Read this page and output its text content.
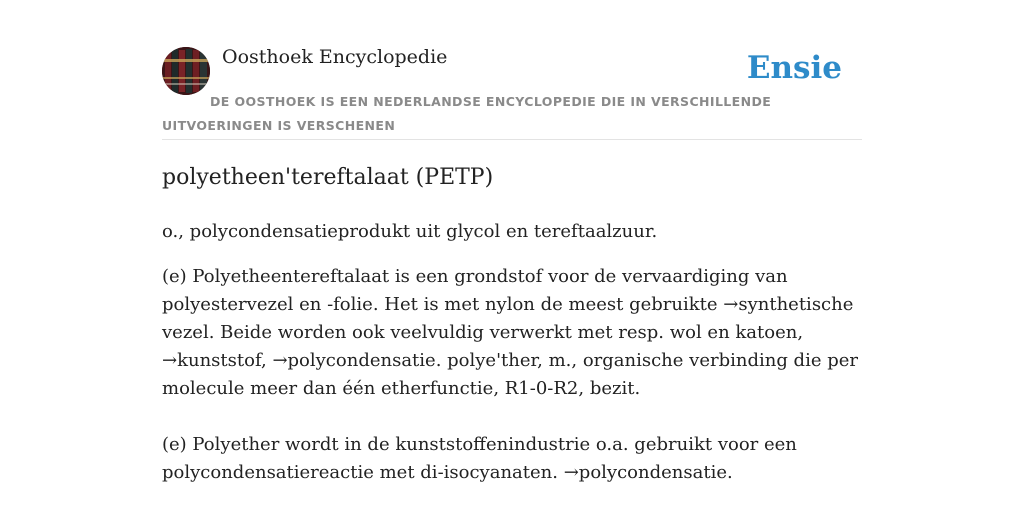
Oosthoek Encyclopedie	Ensie
DE OOSTHOEK IS EEN NEDERLANDSE ENCYCLOPEDIE DIE IN VERSCHILLENDE UITVOERINGEN IS VERSCHENEN
polyetheen'tereftalaat (PETP)

o., polycondensatieprodukt uit glycol en tereftaalzuur.

(e) Polyetheentereftalaat is een grondstof voor de vervaardiging van polyestervezel en -folie. Het is met nylon de meest gebruikte →synthetische vezel. Beide worden ook veelvuldig verwerkt met resp. wol en katoen, →kunststof, →polycondensatie. polye'ther, m., organische verbinding die per molecule meer dan één etherfunctie, R1-0-R2, bezit.

(e) Polyether wordt in de kunststoffenindustrie o.a. gebruikt voor een polycondensatiereactie met di-isocyanaten. →polycondensatie.
